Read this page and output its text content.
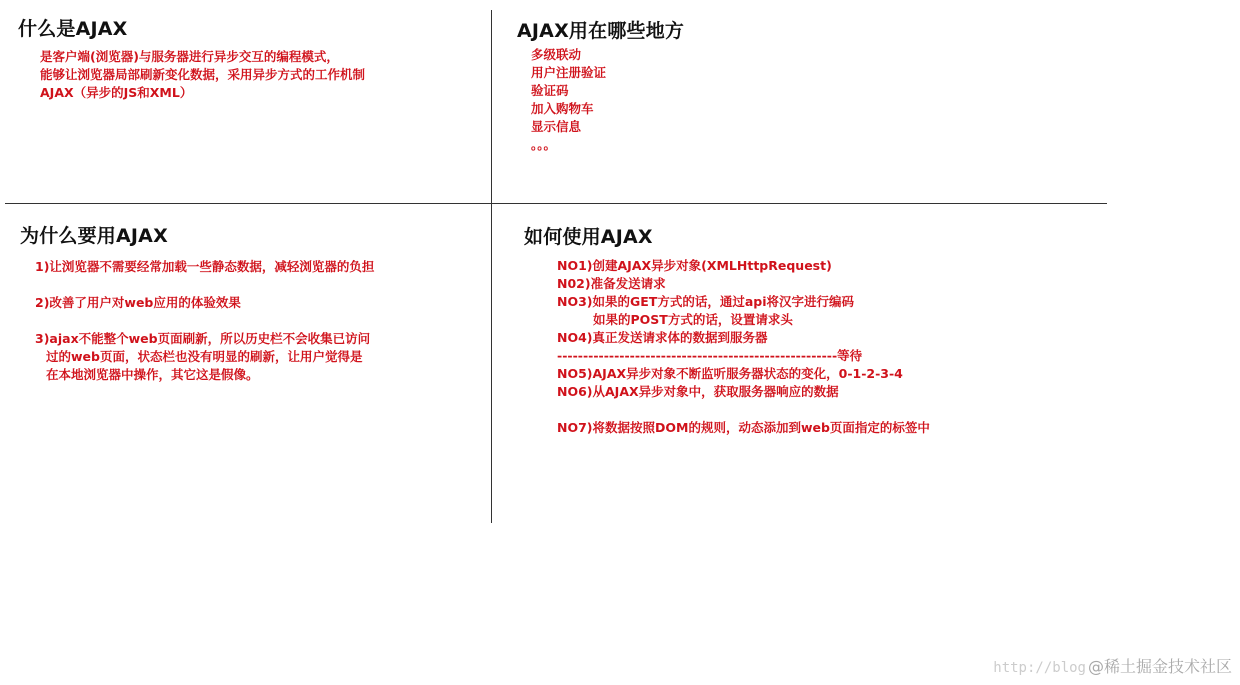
什么是AJAX
是客户端(浏览器)与服务器进行异步交互的编程模式，
能够让浏览器局部刷新变化数据，采用异步方式的工作机制
AJAX（异步的JS和XML）
AJAX用在哪些地方
多级联动
用户注册验证
验证码
加入购物车
显示信息
。。。
为什么要用AJAX
1)让浏览器不需要经常加载一些静态数据，减轻浏览器的负担
2)改善了用户对web应用的体验效果
3)ajax不能整个web页面刷新，所以历史栏不会收集已访问
过的web页面，状态栏也没有明显的刷新，让用户觉得是
在本地浏览器中操作，其它这是假像。
如何使用AJAX
NO1)创建AJAX异步对象(XMLHttpRequest)
N02)准备发送请求
NO3)如果的GET方式的话，通过api将汉字进行编码
如果的POST方式的话，设置请求头
NO4)真正发送请求体的数据到服务器
------------------------------------------------------等待
NO5)AJAX异步对象不断监听服务器状态的变化，0-1-2-3-4
NO6)从AJAX异步对象中，获取服务器响应的数据
NO7)将数据按照DOM的规则，动态添加到web页面指定的标签中
http://blog @稀土掘金技术社区
